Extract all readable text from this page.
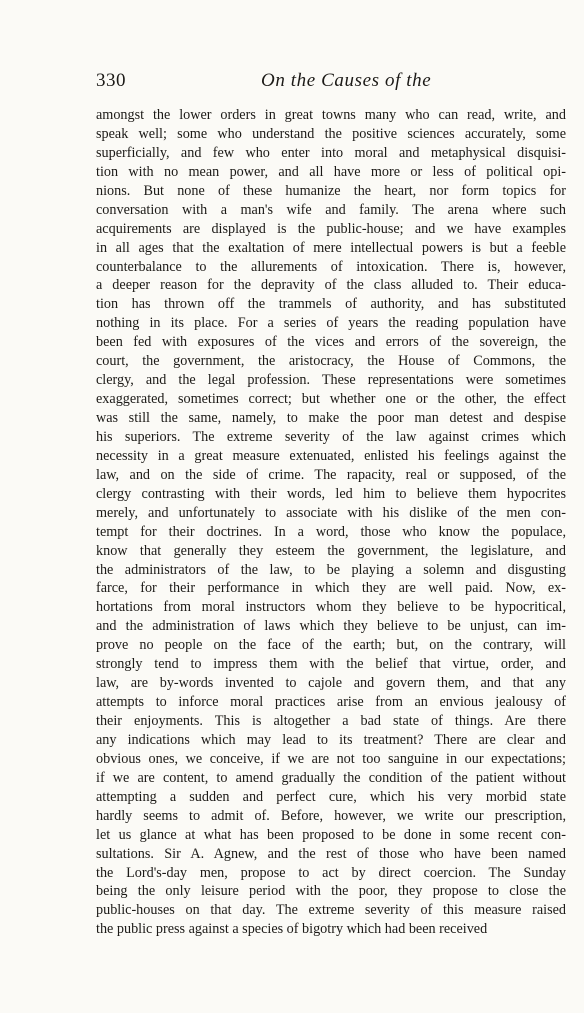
330	On the Causes of the
amongst the lower orders in great towns many who can read, write, and
speak well; some who understand the positive sciences accurately, some
superficially, and few who enter into moral and metaphysical disquisi-
tion with no mean power, and all have more or less of political opi-
nions. But none of these humanize the heart, nor form topics for
conversation with a man's wife and family. The arena where such
acquirements are displayed is the public-house; and we have examples
in all ages that the exaltation of mere intellectual powers is but a feeble
counterbalance to the allurements of intoxication. There is, however,
a deeper reason for the depravity of the class alluded to. Their educa-
tion has thrown off the trammels of authority, and has substituted
nothing in its place. For a series of years the reading population have
been fed with exposures of the vices and errors of the sovereign, the
court, the government, the aristocracy, the House of Commons, the
clergy, and the legal profession. These representations were sometimes
exaggerated, sometimes correct; but whether one or the other, the effect
was still the same, namely, to make the poor man detest and despise
his superiors. The extreme severity of the law against crimes which
necessity in a great measure extenuated, enlisted his feelings against the
law, and on the side of crime. The rapacity, real or supposed, of the
clergy contrasting with their words, led him to believe them hypocrites
merely, and unfortunately to associate with his dislike of the men con-
tempt for their doctrines. In a word, those who know the populace,
know that generally they esteem the government, the legislature, and
the administrators of the law, to be playing a solemn and disgusting
farce, for their performance in which they are well paid. Now, ex-
hortations from moral instructors whom they believe to be hypocritical,
and the administration of laws which they believe to be unjust, can im-
prove no people on the face of the earth; but, on the contrary, will
strongly tend to impress them with the belief that virtue, order, and
law, are by-words invented to cajole and govern them, and that any
attempts to inforce moral practices arise from an envious jealousy of
their enjoyments. This is altogether a bad state of things. Are there
any indications which may lead to its treatment? There are clear and
obvious ones, we conceive, if we are not too sanguine in our expectations;
if we are content, to amend gradually the condition of the patient without
attempting a sudden and perfect cure, which his very morbid state
hardly seems to admit of. Before, however, we write our prescription,
let us glance at what has been proposed to be done in some recent con-
sultations. Sir A. Agnew, and the rest of those who have been named
the Lord's-day men, propose to act by direct coercion. The Sunday
being the only leisure period with the poor, they propose to close the
public-houses on that day. The extreme severity of this measure raised
the public press against a species of bigotry which had been received
